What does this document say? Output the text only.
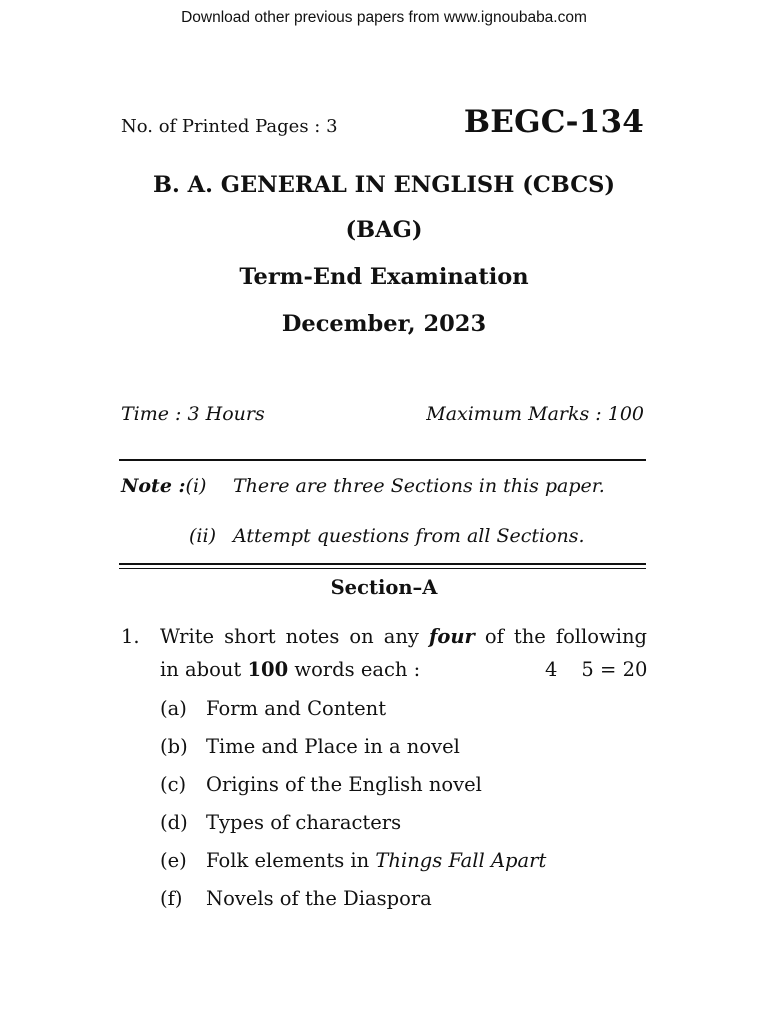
Download other previous papers from www.ignoubaba.com
No. of Printed Pages : 3	BEGC-134
B. A. GENERAL IN ENGLISH (CBCS)
(BAG)
Term-End Examination
December, 2023
Time : 3 Hours	Maximum Marks : 100
Note :(i) There are three Sections in this paper.
(ii) Attempt questions from all Sections.
Section–A
1. Write short notes on any four of the following
in about 100 words each :	4 5 = 20
(a) Form and Content
(b) Time and Place in a novel
(c) Origins of the English novel
(d) Types of characters
(e) Folk elements in Things Fall Apart
(f) Novels of the Diaspora
